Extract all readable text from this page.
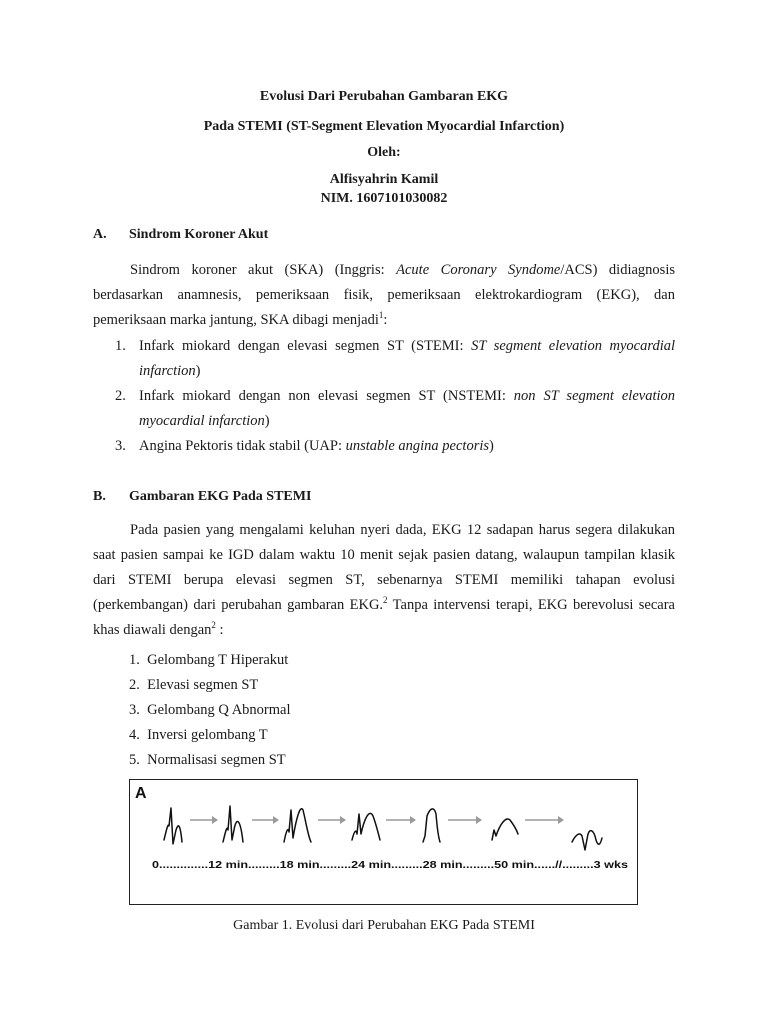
Evolusi Dari Perubahan Gambaran EKG
Pada STEMI (ST-Segment Elevation Myocardial Infarction)
Oleh:
Alfisyahrin Kamil
NIM. 1607101030082
A. Sindrom Koroner Akut

Sindrom koroner akut (SKA) (Inggris: Acute Coronary Syndome/ACS) didiagnosis berdasarkan anamnesis, pemeriksaan fisik, pemeriksaan elektrokardiogram (EKG), dan pemeriksaan marka jantung, SKA dibagi menjadi$^1$:

1. Infark miokard dengan elevasi segmen ST (STEMI: ST segment elevation myocardial infarction)
2. Infark miokard dengan non elevasi segmen ST (NSTEMI: non ST segment elevation myocardial infarction)
3. Angina Pektoris tidak stabil (UAP: unstable angina pectoris)
B. Gambaran EKG Pada STEMI

Pada pasien yang mengalami keluhan nyeri dada, EKG 12 sadapan harus segera dilakukan saat pasien sampai ke IGD dalam waktu 10 menit sejak pasien datang, walaupun tampilan klasik dari STEMI berupa elevasi segmen ST, sebenarnya STEMI memiliki tahapan evolusi (perkembangan) dari perubahan gambaran EKG.$^2$ Tanpa intervensi terapi, EKG berevolusi secara khas diawali dengan$^2$ :

1. Gelombang T Hiperakut
2. Elevasi segmen ST
3. Gelombang Q Abnormal
4. Inversi gelombang T
5. Normalisasi segmen ST
A
0..............12 min.........18 min.........24 min.........28 min.........50 min......//.........3 wks
Gambar 1. Evolusi dari Perubahan EKG Pada STEMI
